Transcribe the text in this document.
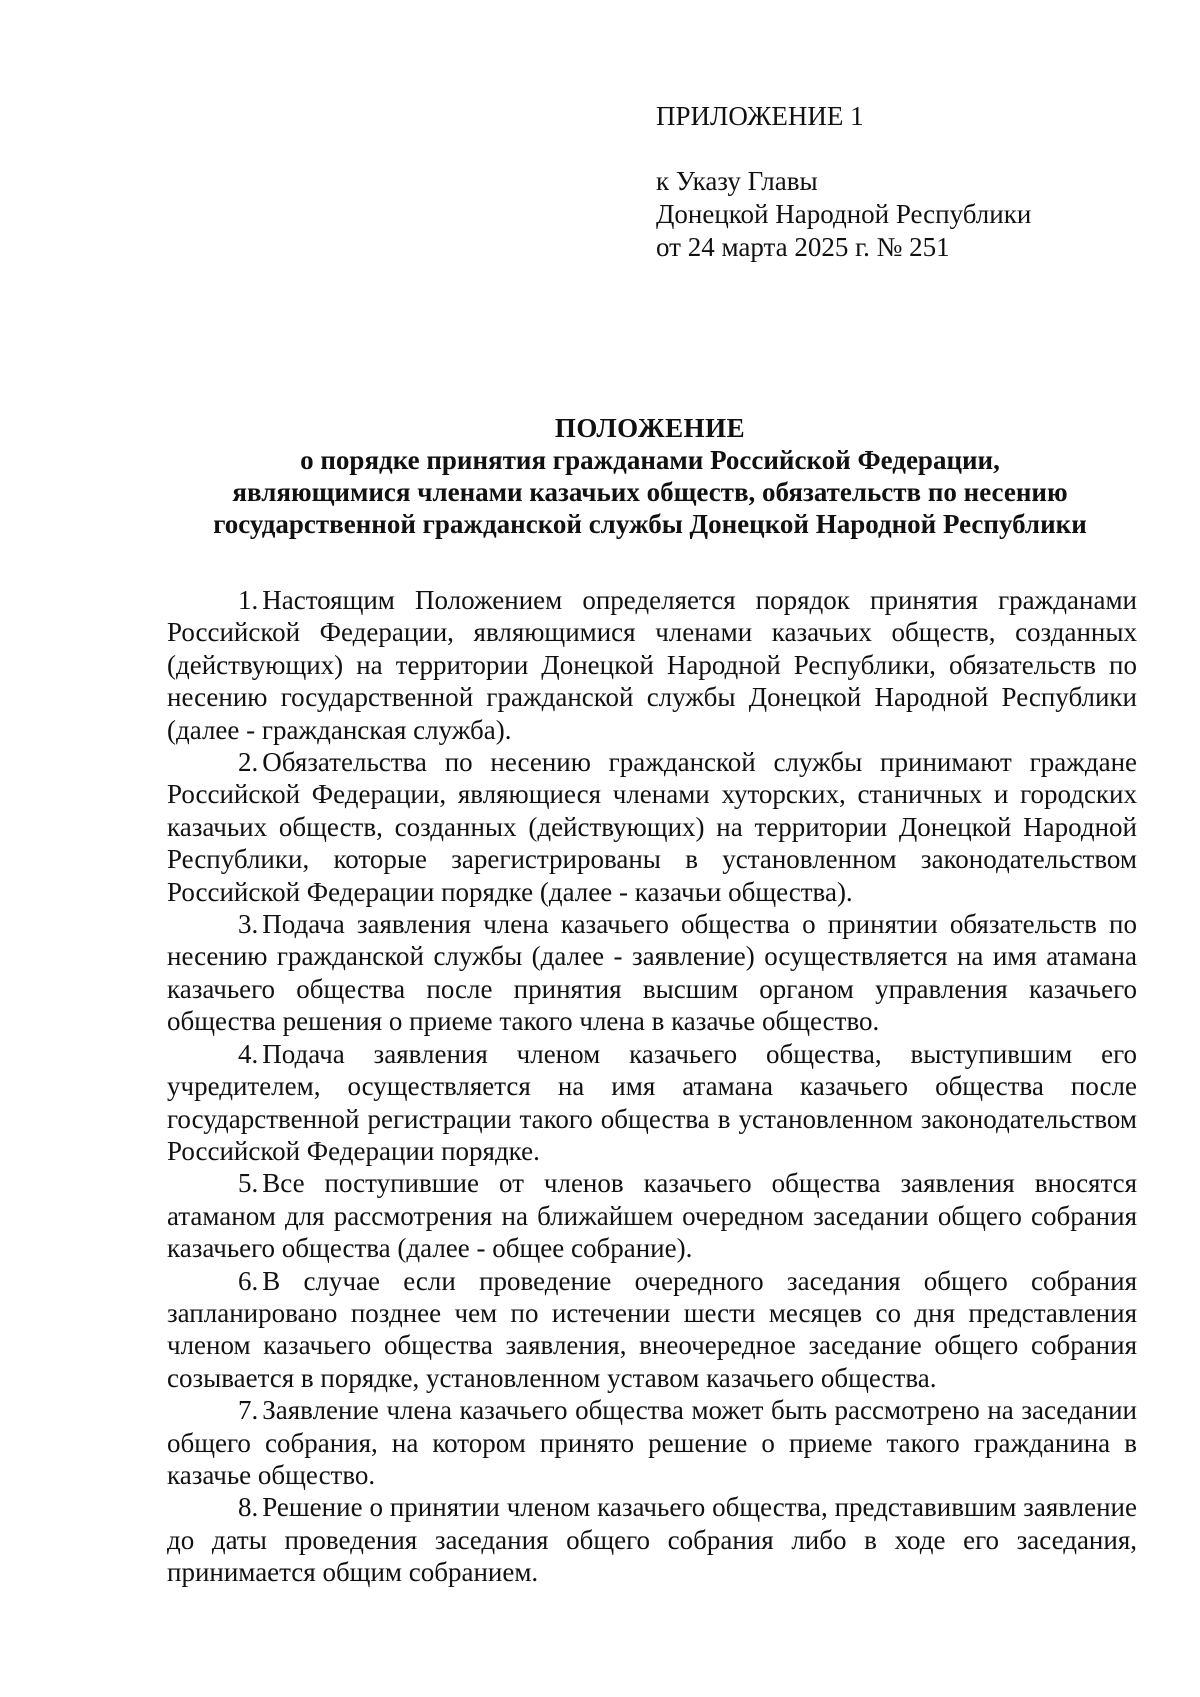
ПРИЛОЖЕНИЕ 1
к Указу Главы
Донецкой Народной Республики
от 24 марта 2025 г. № 251
ПОЛОЖЕНИЕ
о порядке принятия гражданами Российской Федерации,
являющимися членами казачьих обществ, обязательств по несению
государственной гражданской службы Донецкой Народной Республики

1. Настоящим Положением определяется порядок принятия гражданами Российской Федерации, являющимися членами казачьих обществ, созданных (действующих) на территории Донецкой Народной Республики, обязательств по несению государственной гражданской службы Донецкой Народной Республики (далее - гражданская служба).

2. Обязательства по несению гражданской службы принимают граждане Российской Федерации, являющиеся членами хуторских, станичных и городских казачьих обществ, созданных (действующих) на территории Донецкой Народной Республики, которые зарегистрированы в установленном законодательством Российской Федерации порядке (далее - казачьи общества).

3. Подача заявления члена казачьего общества о принятии обязательств по несению гражданской службы (далее - заявление) осуществляется на имя атамана казачьего общества после принятия высшим органом управления казачьего общества решения о приеме такого члена в казачье общество.

4. Подача заявления членом казачьего общества, выступившим его учредителем, осуществляется на имя атамана казачьего общества после государственной регистрации такого общества в установленном законодательством Российской Федерации порядке.

5. Все поступившие от членов казачьего общества заявления вносятся атаманом для рассмотрения на ближайшем очередном заседании общего собрания казачьего общества (далее - общее собрание).

6. В случае если проведение очередного заседания общего собрания запланировано позднее чем по истечении шести месяцев со дня представления членом казачьего общества заявления, внеочередное заседание общего собрания созывается в порядке, установленном уставом казачьего общества.

7. Заявление члена казачьего общества может быть рассмотрено на заседании общего собрания, на котором принято решение о приеме такого гражданина в казачье общество.

8. Решение о принятии членом казачьего общества, представившим заявление до даты проведения заседания общего собрания либо в ходе его заседания, принимается общим собранием.
